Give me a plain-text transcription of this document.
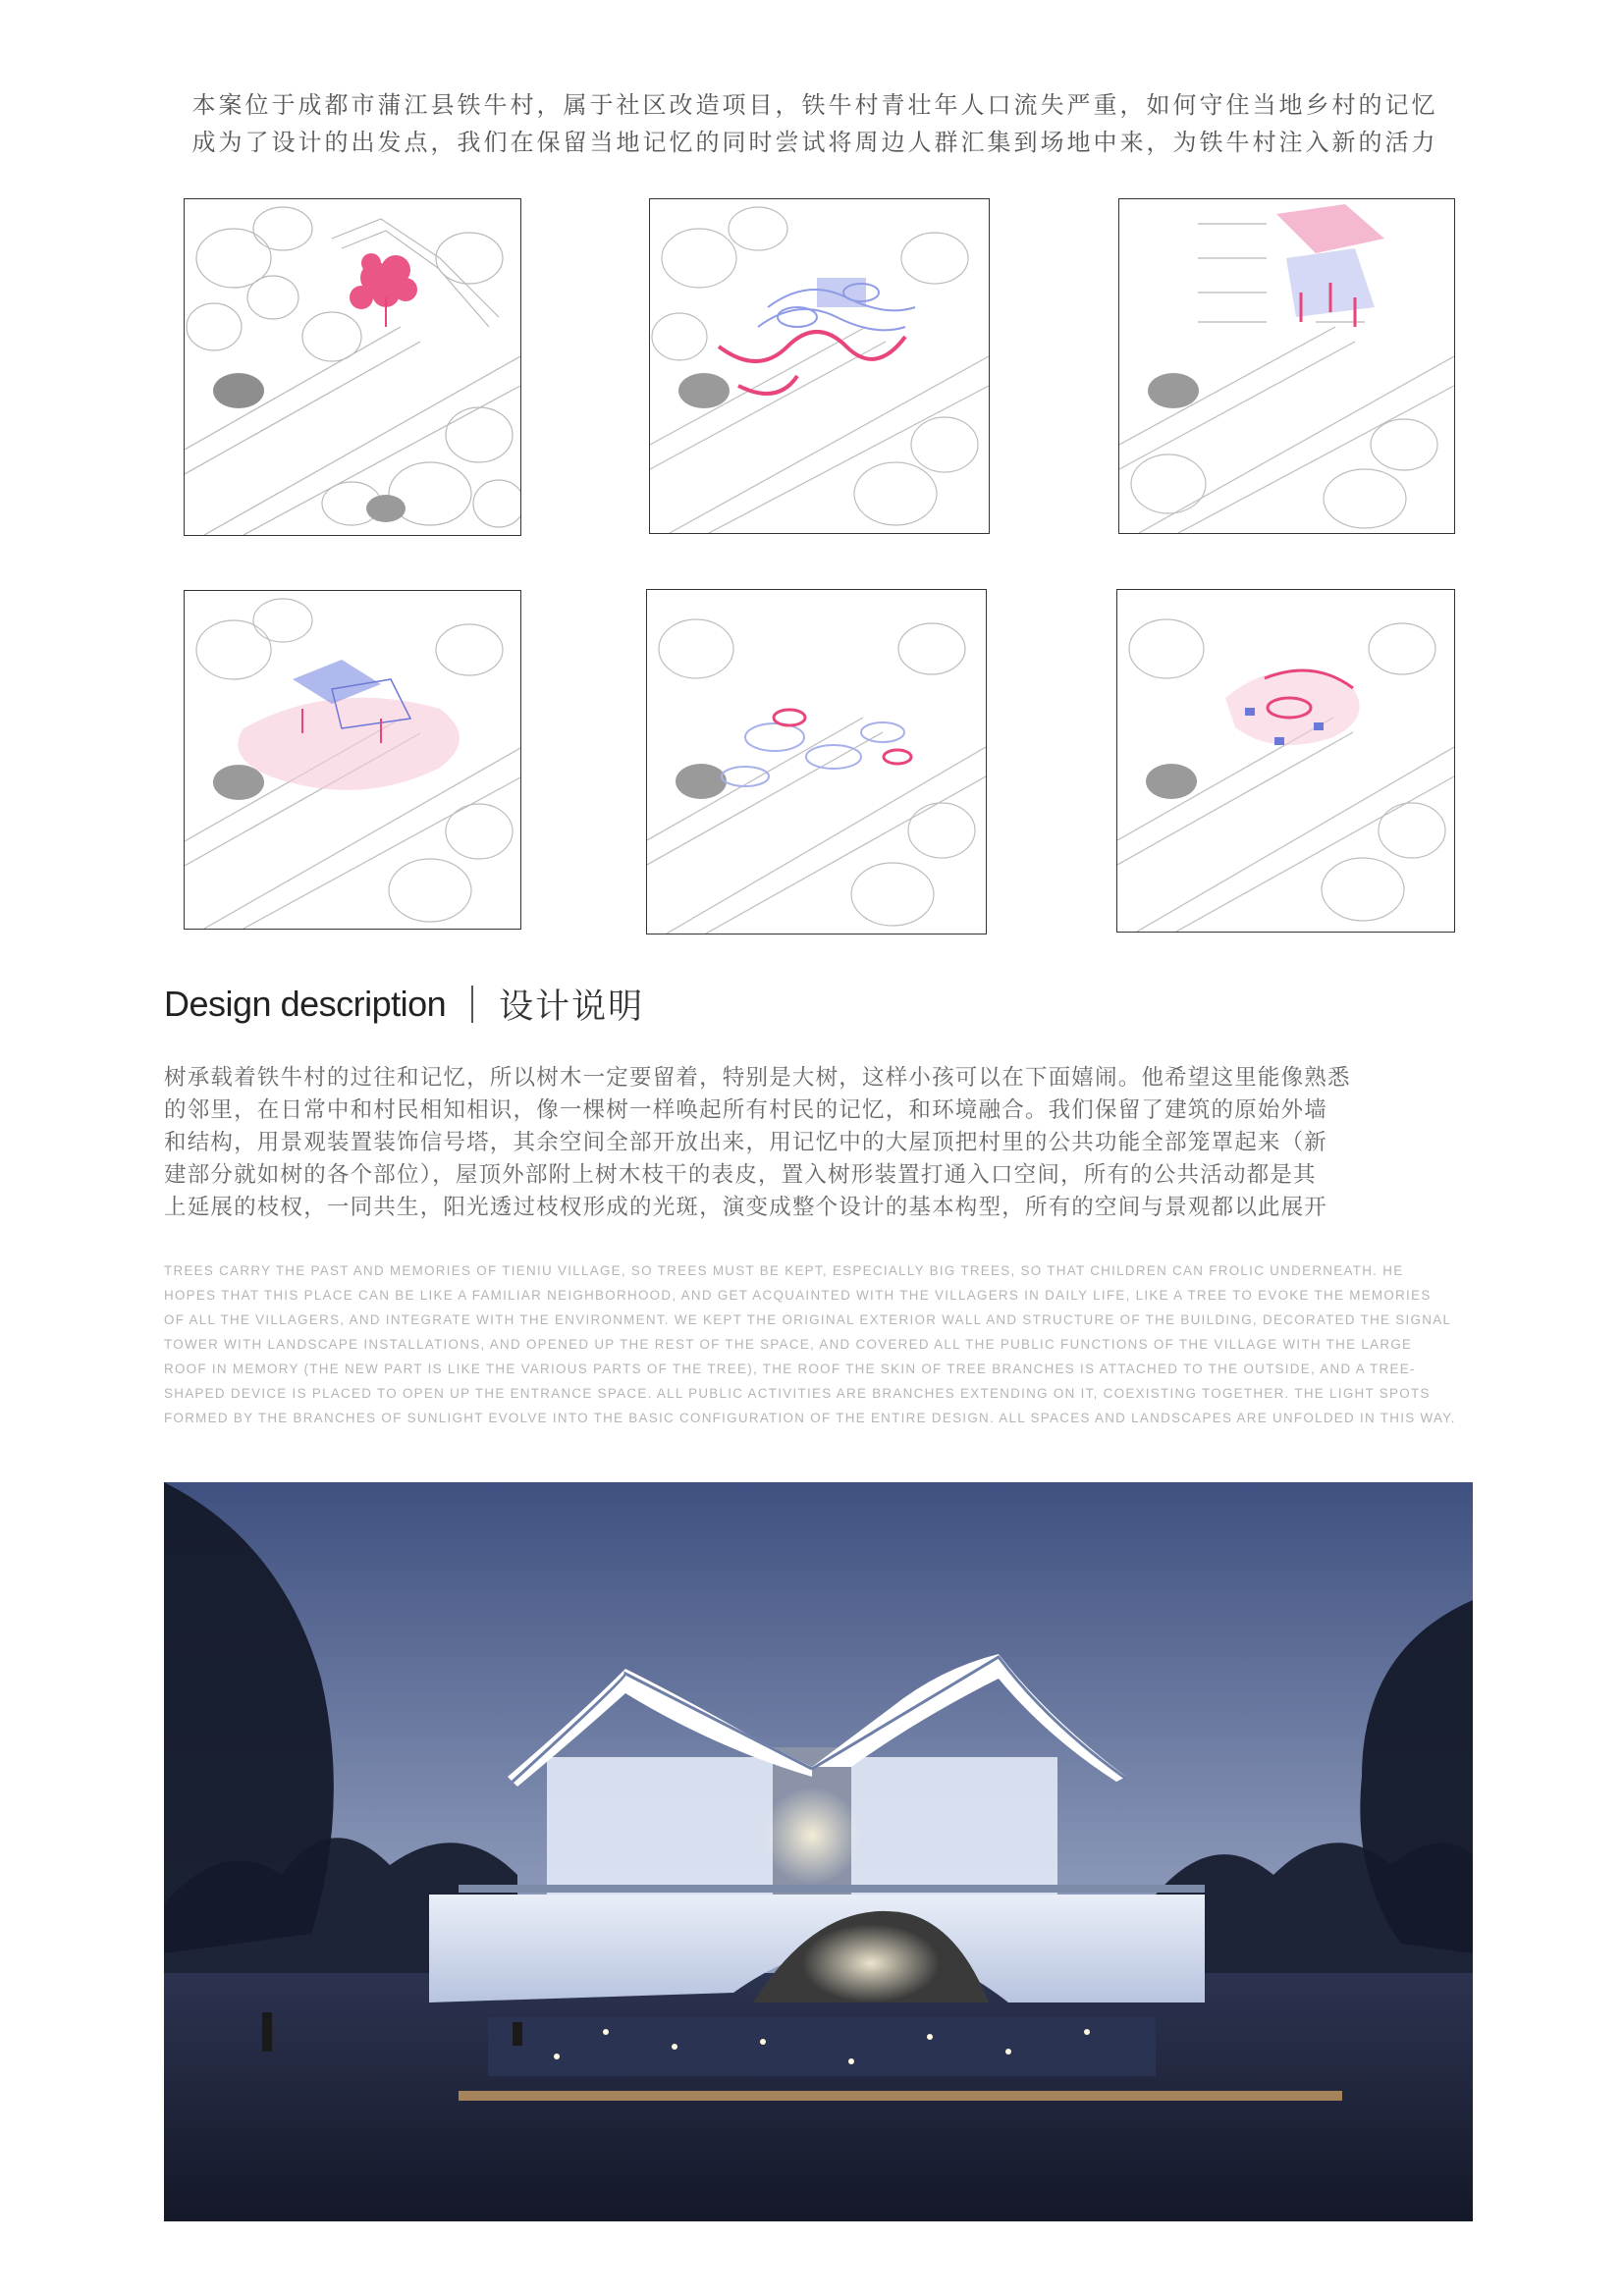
本案位于成都市蒲江县铁牛村，属于社区改造项目，铁牛村青壮年人口流失严重，如何守住当地乡村的记忆

成为了设计的出发点，我们在保留当地记忆的同时尝试将周边人群汇集到场地中来，为铁牛村注入新的活力

Design description 设计说明

树承载着铁牛村的过往和记忆，所以树木一定要留着，特别是大树，这样小孩可以在下面嬉闹。他希望这里能像熟悉

的邻里，在日常中和村民相知相识，像一棵树一样唤起所有村民的记忆，和环境融合。我们保留了建筑的原始外墙

和结构，用景观装置装饰信号塔，其余空间全部开放出来，用记忆中的大屋顶把村里的公共功能全部笼罩起来（新

建部分就如树的各个部位），屋顶外部附上树木枝干的表皮，置入树形装置打通入口空间，所有的公共活动都是其

上延展的枝杈，一同共生，阳光透过枝杈形成的光斑，演变成整个设计的基本构型，所有的空间与景观都以此展开

TREES CARRY THE PAST AND MEMORIES OF TIENIU VILLAGE, SO TREES MUST BE KEPT, ESPECIALLY BIG TREES, SO THAT CHILDREN CAN FROLIC UNDERNEATH. HE

HOPES THAT THIS PLACE CAN BE LIKE A FAMILIAR NEIGHBORHOOD, AND GET ACQUAINTED WITH THE VILLAGERS IN DAILY LIFE, LIKE A TREE TO EVOKE THE MEMORIES

OF ALL THE VILLAGERS, AND INTEGRATE WITH THE ENVIRONMENT. WE KEPT THE ORIGINAL EXTERIOR WALL AND STRUCTURE OF THE BUILDING, DECORATED THE SIGNAL

TOWER WITH LANDSCAPE INSTALLATIONS, AND OPENED UP THE REST OF THE SPACE, AND COVERED ALL THE PUBLIC FUNCTIONS OF THE VILLAGE WITH THE LARGE

ROOF IN MEMORY (THE NEW PART IS LIKE THE VARIOUS PARTS OF THE TREE), THE ROOF THE SKIN OF TREE BRANCHES IS ATTACHED TO THE OUTSIDE, AND A TREE-

SHAPED DEVICE IS PLACED TO OPEN UP THE ENTRANCE SPACE. ALL PUBLIC ACTIVITIES ARE BRANCHES EXTENDING ON IT, COEXISTING TOGETHER. THE LIGHT SPOTS

FORMED BY THE BRANCHES OF SUNLIGHT EVOLVE INTO THE BASIC CONFIGURATION OF THE ENTIRE DESIGN. ALL SPACES AND LANDSCAPES ARE UNFOLDED IN THIS WAY.
